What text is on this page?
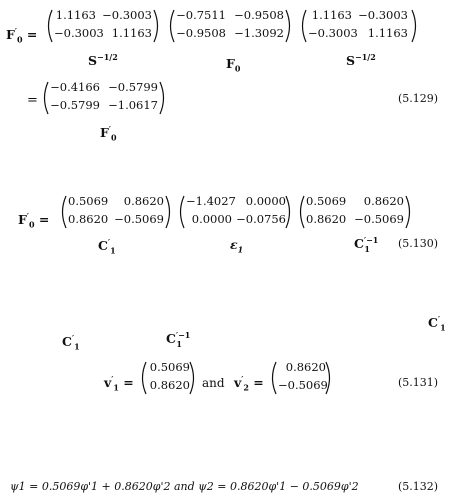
$F'_0$ =
1.1163 −0.3003
−0.3003 1.1163
−0.7511 −0.9508
−0.9508 −1.3092
1.1163 −0.3003
−0.3003 1.1163
$S^{-1/2}$	$F_0$
$S^{-1/2}$
=
−0.4166 −0.5799
−0.5799 −1.0617
$F'_0$
(5.129)
$F'_0$ =
0.5069	0.8620
0.8620 −0.5069
−1.4027 0.0000
0.0000 −0.0756
0.5069	0.8620
0.8620 −0.5069
$C'_1$	$\varepsilon_1$	$C^{'-1}_1$	(5.130)
$C'_1$
$C'_1$
$C^{'-1}_1$
$v'_1$ =
0.5069
0.8620 and $v'_2$ =
0.8620
−0.5069	(5.131)
ψ1 = 0.5069φ'1 + 0.8620φ'2 and ψ2 = 0.8620φ'1 − 0.5069φ'2	(5.132)
